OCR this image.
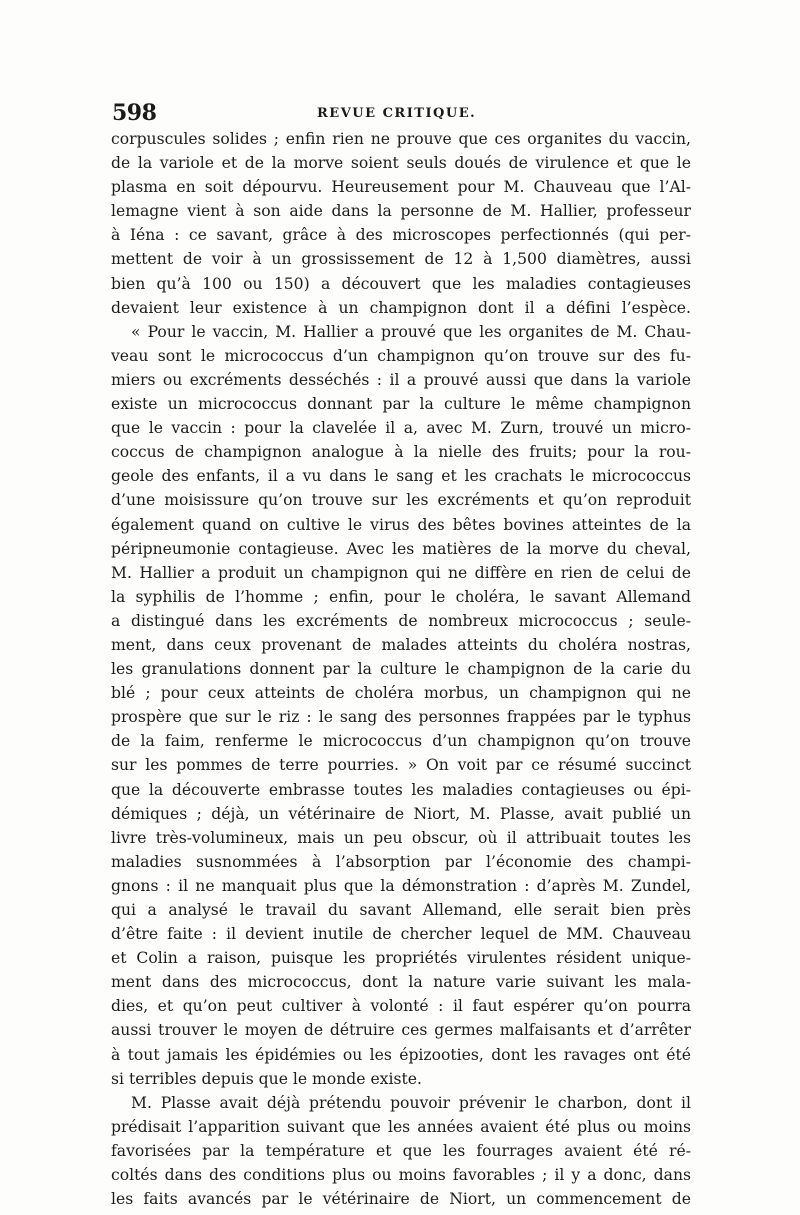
598	REVUE CRITIQUE.
corpuscules solides ; enfin rien ne prouve que ces organites du vaccin,
de la variole et de la morve soient seuls doués de virulence et que le
plasma en soit dépourvu. Heureusement pour M. Chauveau que l’Al-
lemagne vient à son aide dans la personne de M. Hallier, professeur
à Iéna : ce savant, grâce à des microscopes perfectionnés (qui per-
mettent de voir à un grossissement de 12 à 1,500 diamètres, aussi
bien qu’à 100 ou 150) a découvert que les maladies contagieuses
devaient leur existence à un champignon dont il a défini l’espèce.
« Pour le vaccin, M. Hallier a prouvé que les organites de M. Chau-
veau sont le micrococcus d’un champignon qu’on trouve sur des fu-
miers ou excréments desséchés : il a prouvé aussi que dans la variole
existe un micrococcus donnant par la culture le même champignon
que le vaccin : pour la clavelée il a, avec M. Zurn, trouvé un micro-
coccus de champignon analogue à la nielle des fruits; pour la rou-
geole des enfants, il a vu dans le sang et les crachats le micrococcus
d’une moisissure qu’on trouve sur les excréments et qu’on reproduit
également quand on cultive le virus des bêtes bovines atteintes de la
péripneumonie contagieuse. Avec les matières de la morve du cheval,
M. Hallier a produit un champignon qui ne diffère en rien de celui de
la syphilis de l’homme ; enfin, pour le choléra, le savant Allemand
a distingué dans les excréments de nombreux micrococcus ; seule-
ment, dans ceux provenant de malades atteints du choléra nostras,
les granulations donnent par la culture le champignon de la carie du
blé ; pour ceux atteints de choléra morbus, un champignon qui ne
prospère que sur le riz : le sang des personnes frappées par le typhus
de la faim, renferme le micrococcus d’un champignon qu’on trouve
sur les pommes de terre pourries. » On voit par ce résumé succinct
que la découverte embrasse toutes les maladies contagieuses ou épi-
démiques ; déjà, un vétérinaire de Niort, M. Plasse, avait publié un
livre très-volumineux, mais un peu obscur, où il attribuait toutes les
maladies susnommées à l’absorption par l’économie des champi-
gnons : il ne manquait plus que la démonstration : d’après M. Zundel,
qui a analysé le travail du savant Allemand, elle serait bien près
d’être faite : il devient inutile de chercher lequel de MM. Chauveau
et Colin a raison, puisque les propriétés virulentes résident unique-
ment dans des micrococcus, dont la nature varie suivant les mala-
dies, et qu’on peut cultiver à volonté : il faut espérer qu’on pourra
aussi trouver le moyen de détruire ces germes malfaisants et d’arrêter
à tout jamais les épidémies ou les épizooties, dont les ravages ont été
si terribles depuis que le monde existe.
M. Plasse avait déjà prétendu pouvoir prévenir le charbon, dont il
prédisait l’apparition suivant que les années avaient été plus ou moins
favorisées par la température et que les fourrages avaient été ré-
coltés dans des conditions plus ou moins favorables ; il y a donc, dans
les faits avancés par le vétérinaire de Niort, un commencement de
